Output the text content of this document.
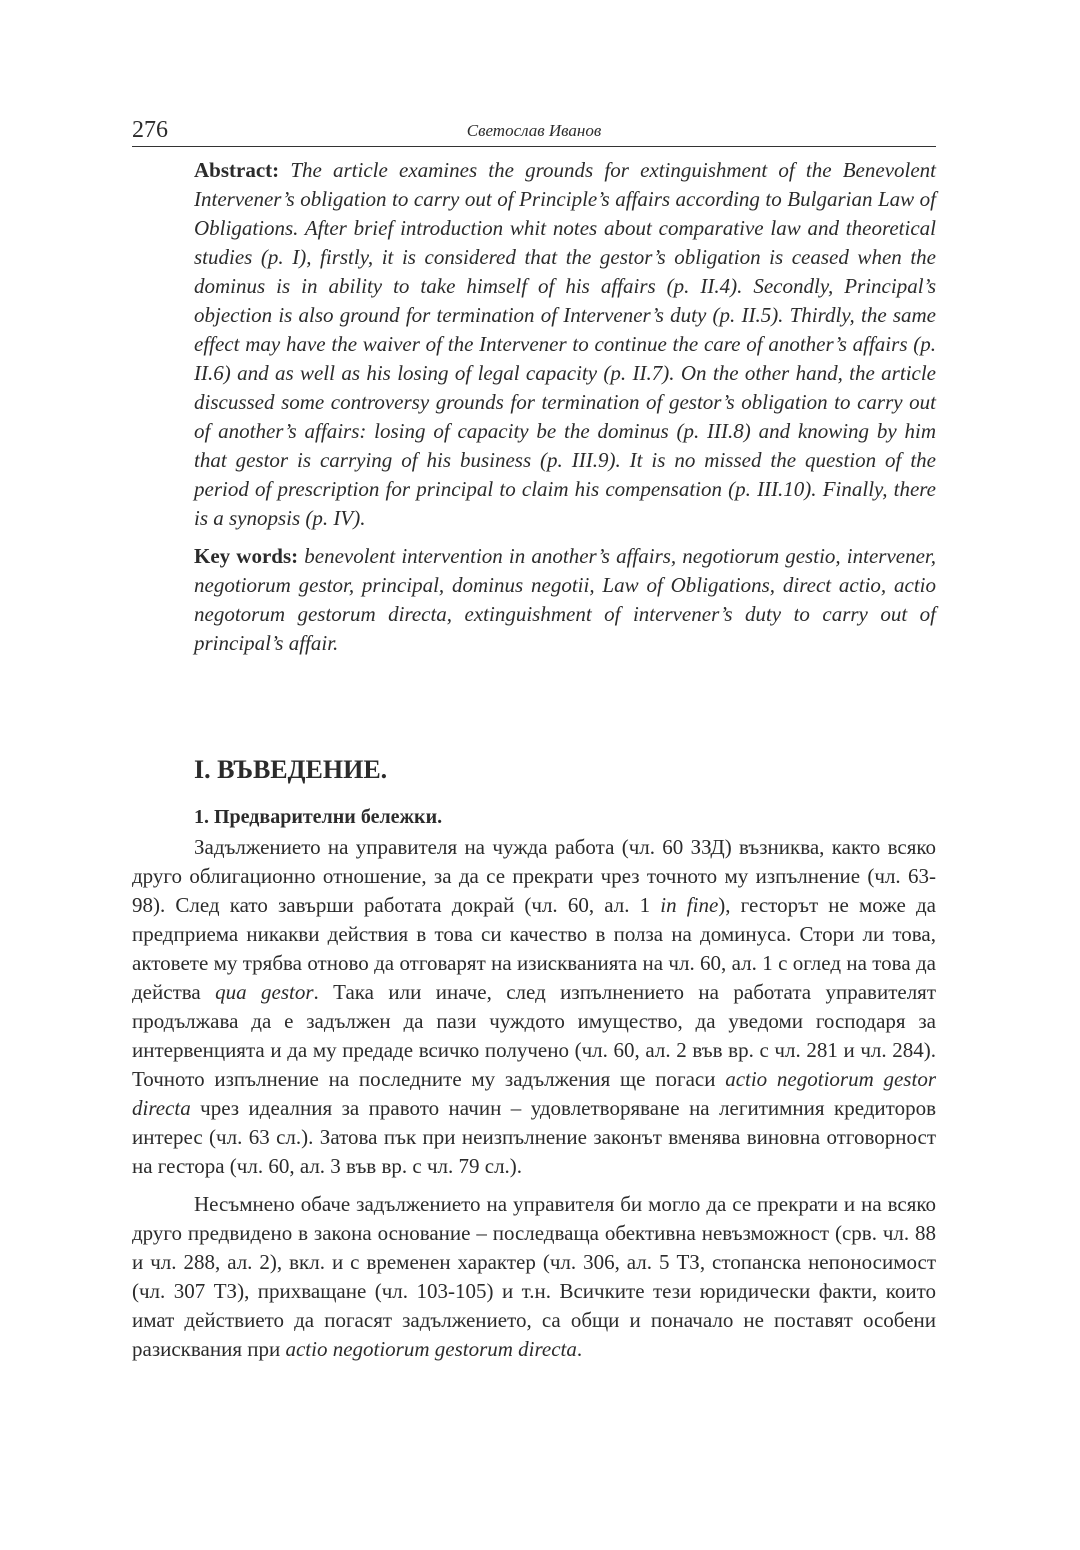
276	Светослав Иванов

Abstract: The article examines the grounds for extinguishment of the Benevolent Intervener’s obligation to carry out of Principle’s affairs according to Bulgarian Law of Obligations. After brief introduction whit notes about comparative law and theoretical studies (p. I), firstly, it is considered that the gestor’s obligation is ceased when the dominus is in ability to take himself of his affairs (p. II.4). Secondly, Principal’s objection is also ground for termination of Intervener’s duty (p. II.5). Thirdly, the same effect may have the waiver of the Intervener to continue the care of another’s affairs (p. II.6) and as well as his losing of legal capacity (p. II.7). On the other hand, the article discussed some controversy grounds for termination of gestor’s obligation to carry out of another’s affairs: losing of capacity be the dominus (p. III.8) and knowing by him that gestor is carrying of his business (p. III.9). It is no missed the question of the period of prescription for principal to claim his compensation (p. III.10). Finally, there is a synopsis (p. IV).

Key words: benevolent intervention in another’s affairs, negotiorum gestio, intervener, negotiorum gestor, principal, dominus negotii, Law of Obligations, direct actio, actio negotorum gestorum directa, extinguishment of intervener’s duty to carry out of principal’s affair.

I. ВЪВЕДЕНИЕ.
1. Предварителни бележки.

Задължението на управителя на чужда работа (чл. 60 ЗЗД) възниква, както всяко друго облигационно отношение, за да се прекрати чрез точното му изпълнение (чл. 63-98). След като завърши работата докрай (чл. 60, ал. 1 in fine), гесторът не може да предприема никакви действия в това си качество в полза на доминуса. Стори ли това, актовете му трябва отново да отговарят на изискванията на чл. 60, ал. 1 с оглед на това да действа qua gestor. Така или иначе, след изпълнението на работата управителят продължава да е задължен да пази чуждото имущество, да уведоми господаря за интервенцията и да му предаде всичко получено (чл. 60, ал. 2 във вр. с чл. 281 и чл. 284). Точното изпълнение на последните му задължения ще погаси actio negotiorum gestor directa чрез идеалния за правото начин – удовлетворяване на легитимния кредиторов интерес (чл. 63 сл.). Затова пък при неизпълнение законът вменява виновна отговорност на гестора (чл. 60, ал. 3 във вр. с чл. 79 сл.).

Несъмнено обаче задължението на управителя би могло да се прекрати и на всяко друго предвидено в закона основание – последваща обективна невъзможност (срв. чл. 88 и чл. 288, ал. 2), вкл. и с временен характер (чл. 306, ал. 5 ТЗ, стопанска непоносимост (чл. 307 ТЗ), прихващане (чл. 103-105) и т.н. Всичките тези юридически факти, които имат действието да погасят задължението, са общи и поначало не поставят особени разисквания при actio negotiorum gestorum directa.
